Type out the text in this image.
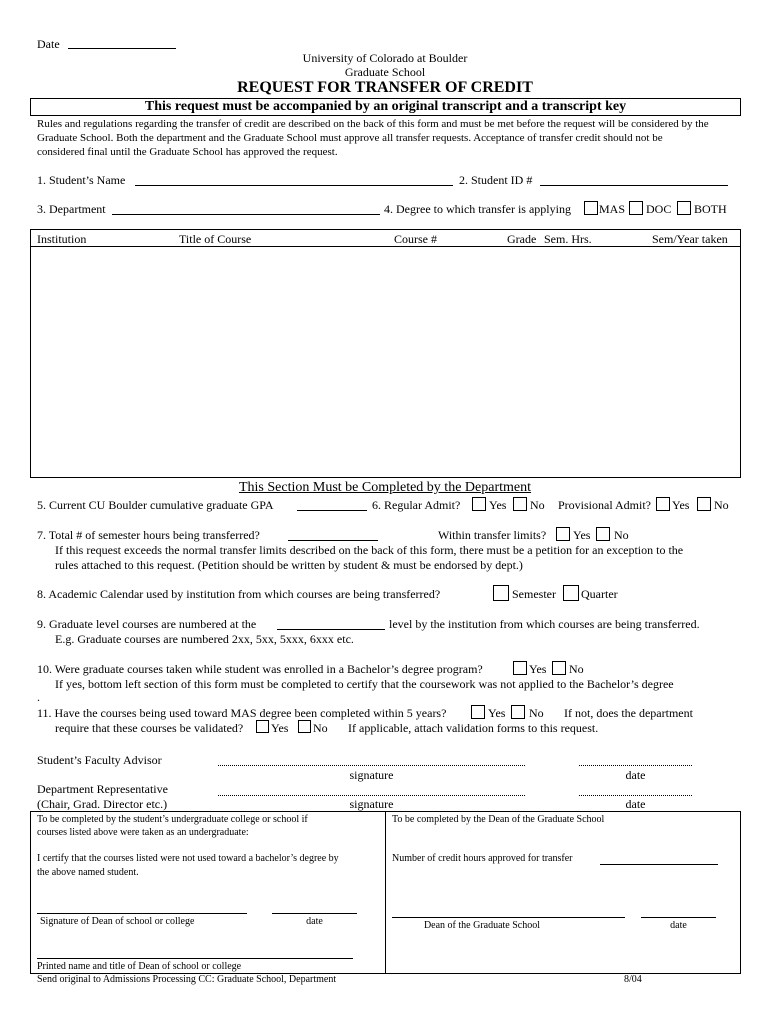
Date
University of Colorado at Boulder
Graduate School
REQUEST FOR TRANSFER OF CREDIT
This request must be accompanied by an original transcript and a transcript key
Rules and regulations regarding the transfer of credit are described on the back of this form and must be met before the request will be considered by the
Graduate School. Both the department and the Graduate School must approve all transfer requests. Acceptance of transfer credit should not be
considered final until the Graduate School has approved the request.
1. Student’s Name	2. Student ID #
3. Department	4. Degree to which transfer is applying MAS DOC BOTH
Institution	Title of Course	Course #	Grade Sem. Hrs.	Sem/Year taken
This Section Must be Completed by the Department
5. Current CU Boulder cumulative graduate GPA	6. Regular Admit? Yes No Provisional Admit? Yes No
7. Total # of semester hours being transferred?	Within transfer limits? Yes No
If this request exceeds the normal transfer limits described on the back of this form, there must be a petition for an exception to the
rules attached to this request. (Petition should be written by student & must be endorsed by dept.)
8. Academic Calendar used by institution from which courses are being transferred?	Semester Quarter
9. Graduate level courses are numbered at the	level by the institution from which courses are being transferred.
E.g. Graduate courses are numbered 2xx, 5xx, 5xxx, 6xxx etc.
10. Were graduate courses taken while student was enrolled in a Bachelor’s degree program?	Yes No
If yes, bottom left section of this form must be completed to certify that the coursework was not applied to the Bachelor’s degree
.
11. Have the courses being used toward MAS degree been completed within 5 years?	Yes No If not, does the department
require that these courses be validated? Yes No If applicable, attach validation forms to this request.
Student’s Faculty Advisor
signature	date
Department Representative
(Chair, Grad. Director etc.)	signature	date
To be completed by the student’s undergraduate college or school if
courses listed above were taken as an undergraduate:
I certify that the courses listed were not used toward a bachelor’s degree by
the above named student.
Signature of Dean of school or college	date
Printed name and title of Dean of school or college
To be completed by the Dean of the Graduate School
Number of credit hours approved for transfer
Dean of the Graduate School	date
Send original to Admissions Processing CC: Graduate School, Department	8/04
